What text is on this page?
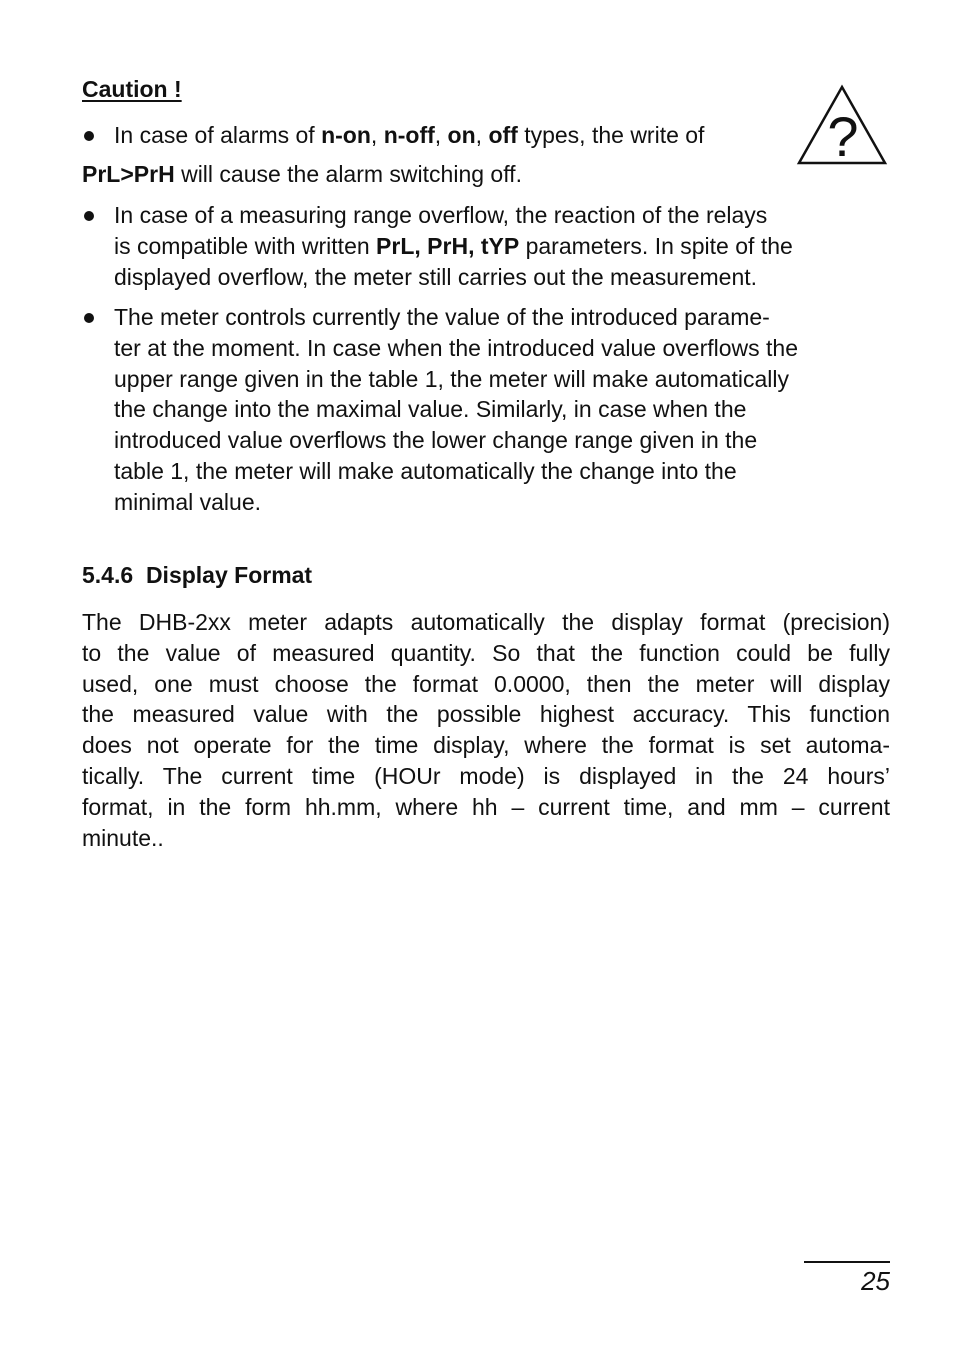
Caution !
?
In case of alarms of n-on, n-off, on, off types, the write of
PrL>PrH will cause the alarm switching off.
In case of a measuring range overflow, the reaction of the relays
is compatible with written PrL, PrH, tYP parameters. In spite of the
displayed overflow, the meter still carries out the measurement.
The meter controls currently the value of the introduced parame-
ter at the moment. In case when the introduced value overflows the
upper range given in the table 1, the meter will make automatically
the change into the maximal value. Similarly, in case when the
introduced value overflows the lower change range given in the
table 1, the meter will make automatically the change into the
minimal value.
5.4.6 Display Format
The DHB-2xx meter adapts automatically the display format (precision)
to the value of measured quantity. So that the function could be fully
used, one must choose the format 0.0000, then the meter will display
the measured value with the possible highest accuracy. This function
does not operate for the time display, where the format is set automa-
tically. The current time (HOUr mode) is displayed in the 24 hours’
format, in the form hh.mm, where hh – current time, and mm – current
minute..
25
